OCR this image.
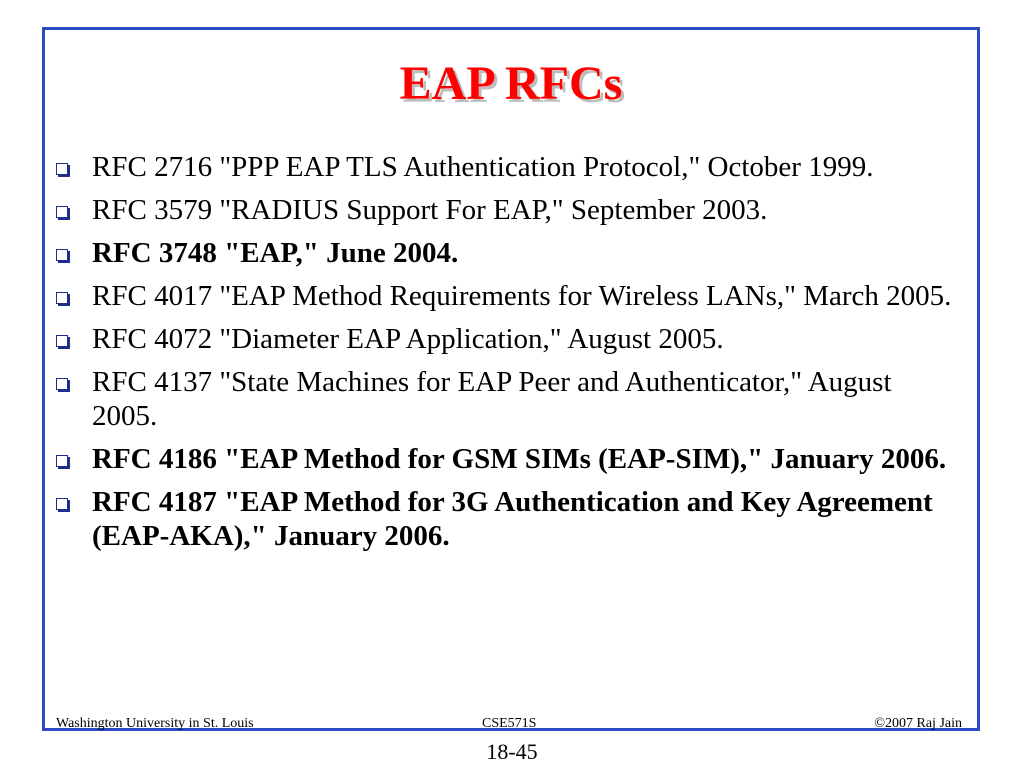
EAP RFCs
RFC 2716 "PPP EAP TLS Authentication Protocol," October 1999.
RFC 3579 "RADIUS Support For EAP," September 2003.
RFC 3748 "EAP," June 2004.
RFC 4017 "EAP Method Requirements for Wireless LANs," March 2005.
RFC 4072 "Diameter EAP Application," August 2005.
RFC 4137 "State Machines for EAP Peer and Authenticator," August 2005.
RFC 4186 "EAP Method for GSM SIMs (EAP-SIM)," January 2006.
RFC 4187 "EAP Method for 3G Authentication and Key Agreement (EAP-AKA)," January 2006.
Washington University in St. Louis	CSE571S	©2007 Raj Jain
18-45
